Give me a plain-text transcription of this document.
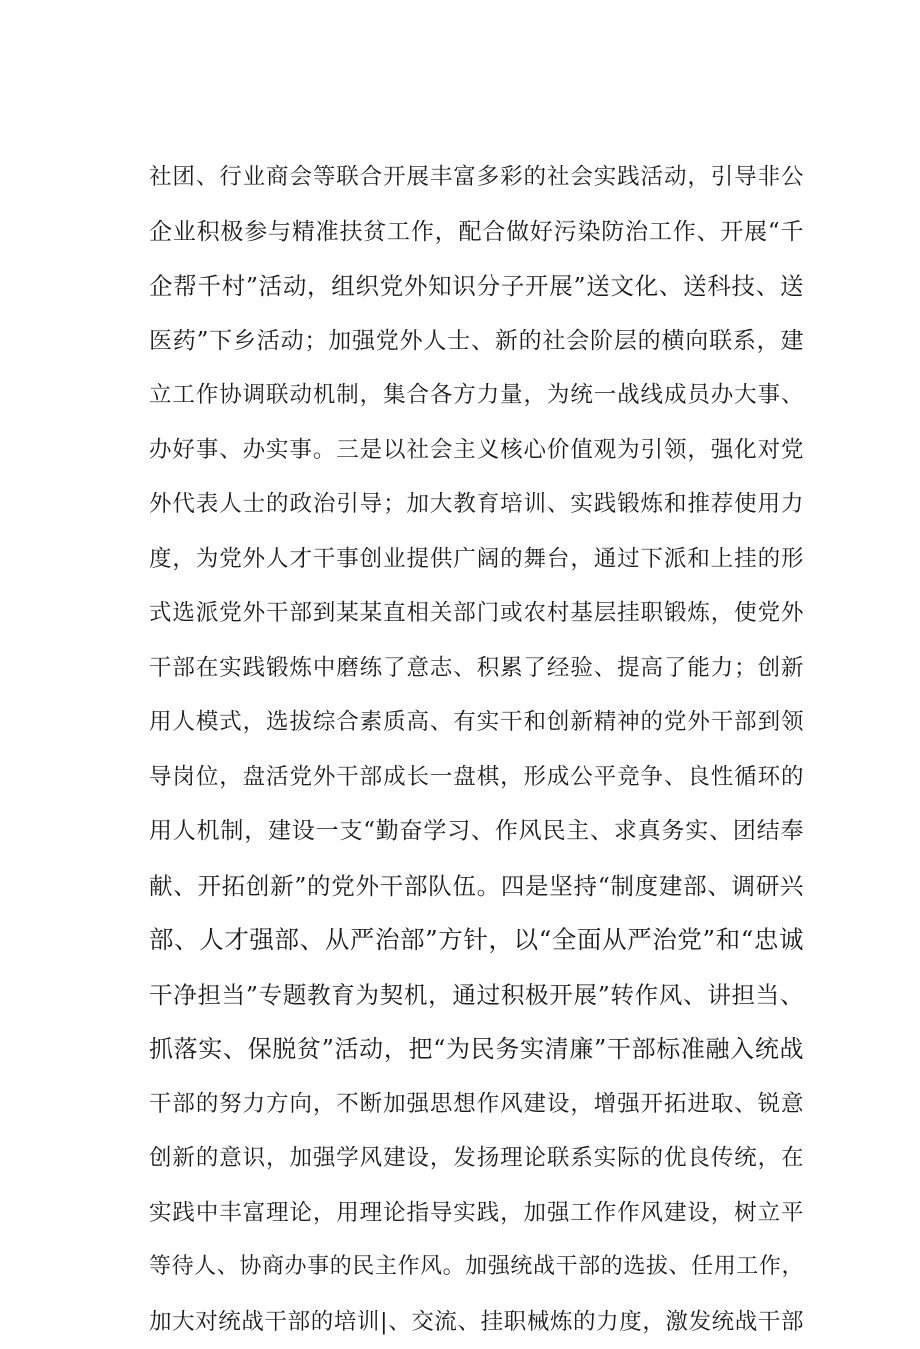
社团、行业商会等联合开展丰富多彩的社会实践活动，引导非公
企业积极参与精准扶贫工作，配合做好污染防治工作、开展“千
企帮千村”活动，组织党外知识分子开展”送文化、送科技、送
医药”下乡活动；加强党外人士、新的社会阶层的横向联系，建
立工作协调联动机制，集合各方力量，为统一战线成员办大事、
办好事、办实事。三是以社会主义核心价值观为引领，强化对党
外代表人士的政治引导；加大教育培训、实践锻炼和推荐使用力
度，为党外人才干事创业提供广阔的舞台，通过下派和上挂的形
式选派党外干部到某某直相关部门或农村基层挂职锻炼，使党外
干部在实践锻炼中磨练了意志、积累了经验、提高了能力；创新
用人模式，选拔综合素质高、有实干和创新精神的党外干部到领
导岗位，盘活党外干部成长一盘棋，形成公平竞争、良性循环的
用人机制，建设一支“勤奋学习、作风民主、求真务实、团结奉
献、开拓创新”的党外干部队伍。四是坚持“制度建部、调研兴
部、人才强部、从严治部”方针，以“全面从严治党”和“忠诚
干净担当”专题教育为契机，通过积极开展”转作风、讲担当、
抓落实、保脱贫”活动，把“为民务实清廉”干部标准融入统战
干部的努力方向，不断加强思想作风建设，增强开拓进取、锐意
创新的意识，加强学风建设，发扬理论联系实际的优良传统，在
实践中丰富理论，用理论指导实践，加强工作作风建设，树立平
等待人、协商办事的民主作风。加强统战干部的选拔、任用工作，
加大对统战干部的培训|、交流、挂职械炼的力度，激发统战干部
